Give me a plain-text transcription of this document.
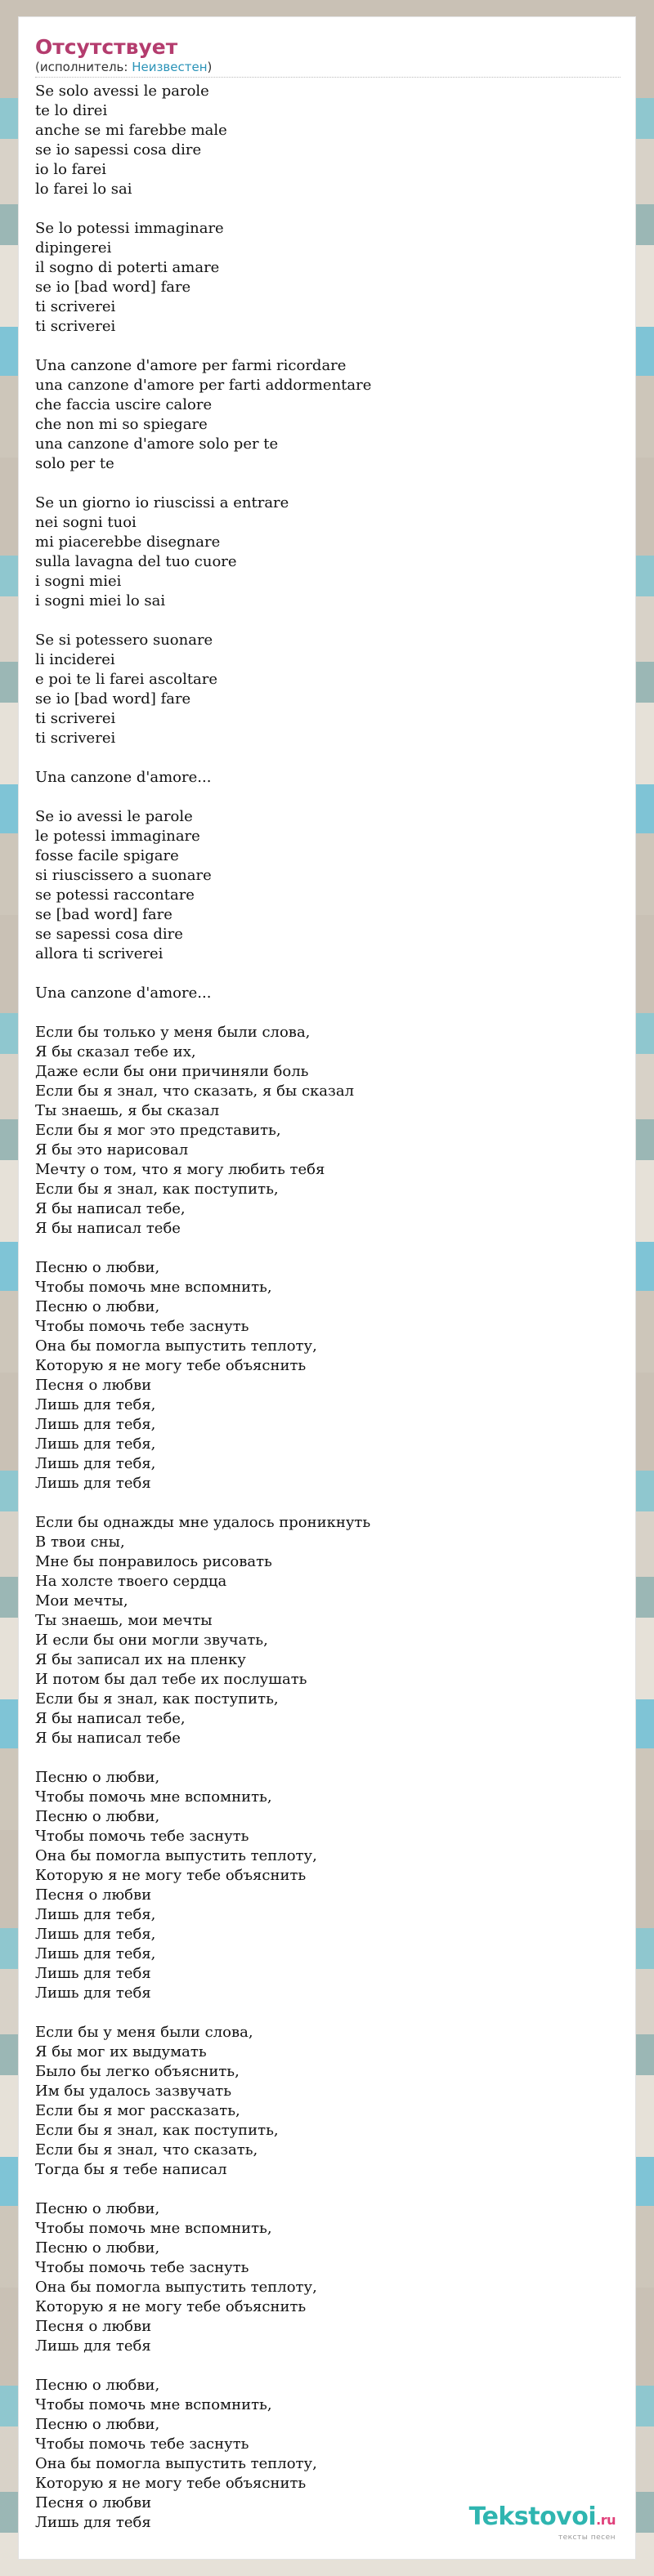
Отсутствует
(исполнитель: Неизвестен)
Se solo avessi le parole
te lo direi
anche se mi farebbe male
se io sapessi cosa dire
io lo farei
lo farei lo sai
Se lo potessi immaginare
dipingerei
il sogno di poterti amare
se io [bad word] fare
ti scriverei
ti scriverei
Una canzone d'amore per farmi ricordare
una canzone d'amore per farti addormentare
che faccia uscire calore
che non mi so spiegare
una canzone d'amore solo per te
solo per te
Se un giorno io riuscissi a entrare
nei sogni tuoi
mi piacerebbe disegnare
sulla lavagna del tuo cuore
i sogni miei
i sogni miei lo sai
Se si potessero suonare
li inciderei
e poi te li farei ascoltare
se io [bad word] fare
ti scriverei
ti scriverei
Una canzone d'amore...
Se io avessi le parole
le potessi immaginare
fosse facile spigare
si riuscissero a suonare
se potessi raccontare
se [bad word] fare
se sapessi cosa dire
allora ti scriverei
Una canzone d'amore...
Если бы только у меня были слова,
Я бы сказал тебе их,
Даже если бы они причиняли боль
Если бы я знал, что сказать, я бы сказал
Ты знаешь, я бы сказал
Если бы я мог это представить,
Я бы это нарисовал
Мечту о том, что я могу любить тебя
Если бы я знал, как поступить,
Я бы написал тебе,
Я бы написал тебе
Песню о любви,
Чтобы помочь мне вспомнить,
Песню о любви,
Чтобы помочь тебе заснуть
Она бы помогла выпустить теплоту,
Которую я не могу тебе объяснить
Песня о любви
Лишь для тебя,
Лишь для тебя,
Лишь для тебя,
Лишь для тебя,
Лишь для тебя
Если бы однажды мне удалось проникнуть
В твои сны,
Мне бы понравилось рисовать
На холсте твоего сердца
Мои мечты,
Ты знаешь, мои мечты
И если бы они могли звучать,
Я бы записал их на пленку
И потом бы дал тебе их послушать
Если бы я знал, как поступить,
Я бы написал тебе,
Я бы написал тебе
Песню о любви,
Чтобы помочь мне вспомнить,
Песню о любви,
Чтобы помочь тебе заснуть
Она бы помогла выпустить теплоту,
Которую я не могу тебе объяснить
Песня о любви
Лишь для тебя,
Лишь для тебя,
Лишь для тебя,
Лишь для тебя
Лишь для тебя
Если бы у меня были слова,
Я бы мог их выдумать
Было бы легко объяснить,
Им бы удалось зазвучать
Если бы я мог рассказать,
Если бы я знал, как поступить,
Если бы я знал, что сказать,
Тогда бы я тебе написал
Песню о любви,
Чтобы помочь мне вспомнить,
Песню о любви,
Чтобы помочь тебе заснуть
Она бы помогла выпустить теплоту,
Которую я не могу тебе объяснить
Песня о любви
Лишь для тебя
Песню о любви,
Чтобы помочь мне вспомнить,
Песню о любви,
Чтобы помочь тебе заснуть
Она бы помогла выпустить теплоту,
Которую я не могу тебе объяснить
Песня о любви
Лишь для тебя	Tekstovoi.ru
тексты песен
